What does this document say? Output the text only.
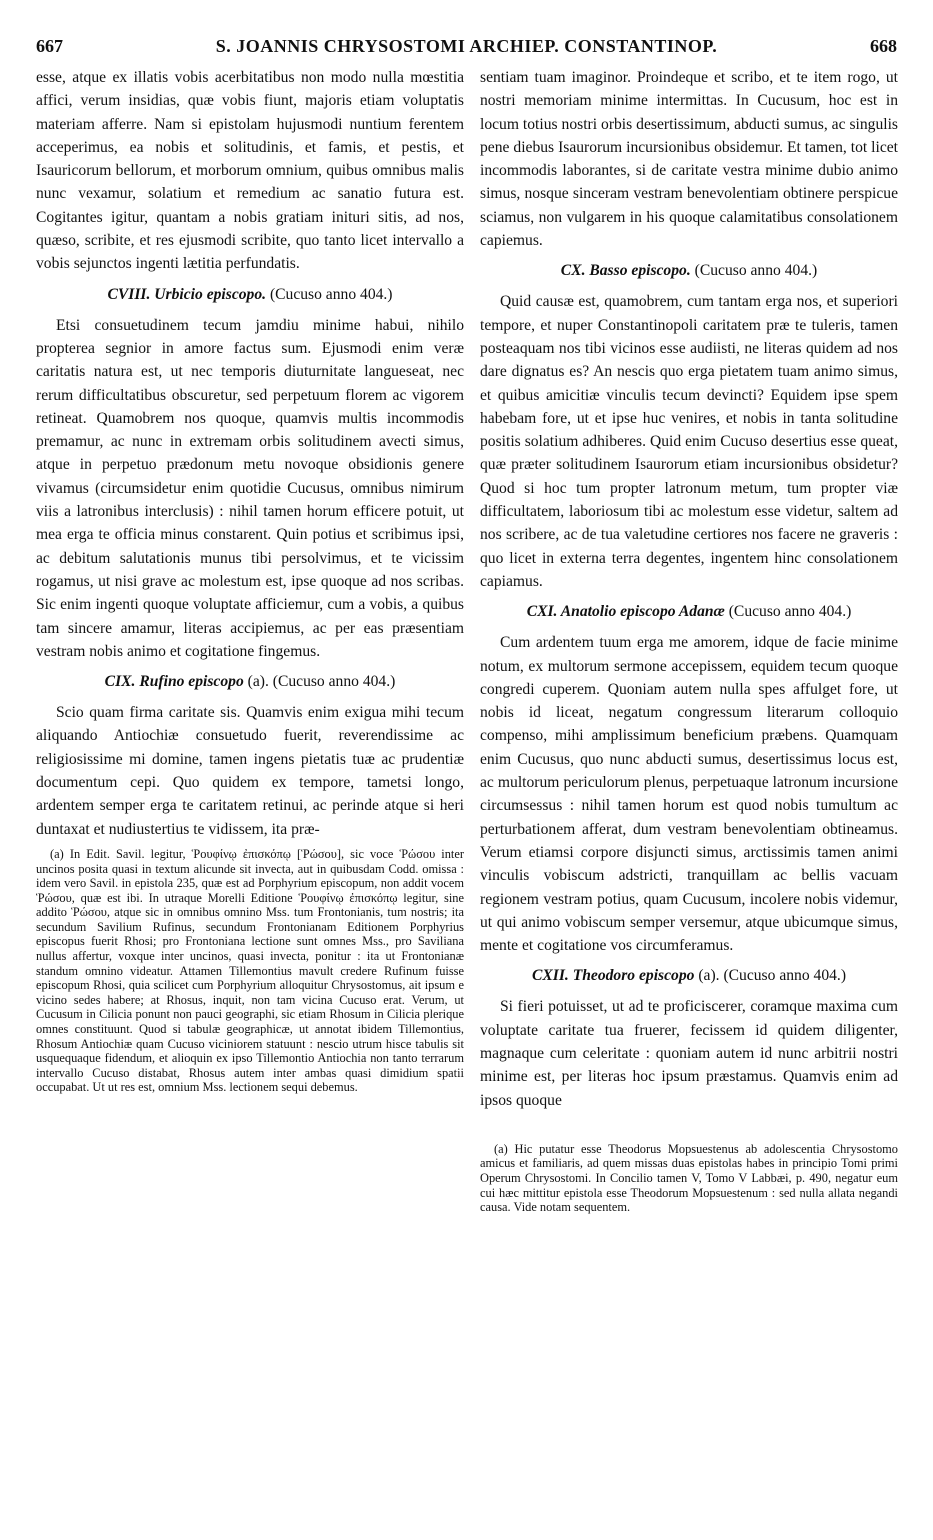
667	S. JOANNIS CHRYSOSTOMI ARCHIEP. CONSTANTINOP.	668

esse, atque ex illatis vobis acerbitatibus non modo nulla mœstitia affici, verum insidias, quæ vobis fiunt, majoris etiam voluptatis materiam afferre. Nam si epistolam hujusmodi nuntium ferentem acceperimus, ea nobis et solitudinis, et famis, et pestis, et Isauricorum bellorum, et morborum omnium, quibus omnibus malis nunc vexamur, solatium et remedium ac sanatio futura est. Cogitantes igitur, quantam a nobis gratiam inituri sitis, ad nos, quæso, scribite, et res ejusmodi scribite, quo tanto licet intervallo a vobis sejunctos ingenti lætitia perfundatis.

CVIII. Urbicio episcopo. (Cucuso anno 404.)

Etsi consuetudinem tecum jamdiu minime habui, nihilo propterea segnior in amore factus sum. Ejusmodi enim veræ caritatis natura est, ut nec temporis diuturnitate langueseat, nec rerum difficultatibus obscuretur, sed perpetuum florem ac vigorem retineat. Quamobrem nos quoque, quamvis multis incommodis premamur, ac nunc in extremam orbis solitudinem avecti simus, atque in perpetuo prædonum metu novoque obsidionis genere vivamus (circumsidetur enim quotidie Cucusus, omnibus nimirum viis a latronibus interclusis) : nihil tamen horum efficere potuit, ut mea erga te officia minus constarent. Quin potius et scribimus ipsi, ac debitum salutationis munus tibi persolvimus, et te vicissim rogamus, ut nisi grave ac molestum est, ipse quoque ad nos scribas. Sic enim ingenti quoque voluptate afficiemur, cum a vobis, a quibus tam sincere amamur, literas accipiemus, ac per eas præsentiam vestram nobis animo et cogitatione fingemus.

CIX. Rufino episcopo (a). (Cucuso anno 404.)

Scio quam firma caritate sis. Quamvis enim exigua mihi tecum aliquando Antiochiæ consuetudo fuerit, reverendissime ac religiosissime mi domine, tamen ingens pietatis tuæ ac prudentiæ documentum cepi. Quo quidem ex tempore, tametsi longo, ardentem semper erga te caritatem retinui, ac perinde atque si heri duntaxat et nudiustertius te vidissem, ita præ-

(a) In Edit. Savil. legitur, Ῥουφίνῳ ἐπισκόπῳ [Ῥώσου], sic voce Ῥώσου inter uncinos posita quasi in textum alicunde sit invecta, aut in quibusdam Codd. omissa : idem vero Savil. in epistola 235, quæ est ad Porphyrium episcopum, non addit vocem Ῥώσου, quæ est ibi. In utraque Morelli Editione Ῥουφίνῳ ἐπισκόπῳ legitur, sine addito Ῥώσου, atque sic in omnibus omnino Mss. tum Frontonianis, tum nostris; ita secundum Savilium Rufinus, secundum Frontonianam Editionem Porphyrius episcopus fuerit Rhosi; pro Frontoniana lectione sunt omnes Mss., pro Saviliana nullus affertur, voxque inter uncinos, quasi invecta, ponitur : ita ut Frontonianæ standum omnino videatur. Attamen Tillemontius mavult credere Rufinum fuisse episcopum Rhosi, quia scilicet cum Porphyrium alloquitur Chrysostomus, ait ipsum e vicino sedes habere; at Rhosus, inquit, non tam vicina Cucuso erat. Verum, ut Cucusum in Cilicia ponunt non pauci geographi, sic etiam Rhosum in Cilicia plerique omnes constituunt. Quod si tabulæ geographicæ, ut annotat ibidem Tillemontius, Rhosum Antiochiæ quam Cucuso viciniorem statuunt : nescio utrum hisce tabulis sit usquequaque fidendum, et alioquin ex ipso Tillemontio Antiochia non tanto terrarum intervallo Cucuso distabat, Rhosus autem inter ambas quasi dimidium spatii occupabat. Ut ut res est, omnium Mss. lectionem sequi debemus.

sentiam tuam imaginor. Proindeque et scribo, et te item rogo, ut nostri memoriam minime intermittas. In Cucusum, hoc est in locum totius nostri orbis desertissimum, abducti sumus, ac singulis pene diebus Isaurorum incursionibus obsidemur. Et tamen, tot licet incommodis laborantes, si de caritate vestra minime dubio animo simus, nosque sinceram vestram benevolentiam obtinere perspicue sciamus, non vulgarem in his quoque calamitatibus consolationem capiemus.

CX. Basso episcopo. (Cucuso anno 404.)

Quid causæ est, quamobrem, cum tantam erga nos, et superiori tempore, et nuper Constantinopoli caritatem præ te tuleris, tamen posteaquam nos tibi vicinos esse audiisti, ne literas quidem ad nos dare dignatus es? An nescis quo erga pietatem tuam animo simus, et quibus amicitiæ vinculis tecum devincti? Equidem ipse spem habebam fore, ut et ipse huc venires, et nobis in tanta solitudine positis solatium adhiberes. Quid enim Cucuso desertius esse queat, quæ præter solitudinem Isaurorum etiam incursionibus obsidetur? Quod si hoc tum propter latronum metum, tum propter viæ difficultatem, laboriosum tibi ac molestum esse videtur, saltem ad nos scribere, ac de tua valetudine certiores nos facere ne graveris : quo licet in externa terra degentes, ingentem hinc consolationem capiamus.

CXI. Anatolio episcopo Adanæ (Cucuso anno 404.)

Cum ardentem tuum erga me amorem, idque de facie minime notum, ex multorum sermone accepissem, equidem tecum quoque congredi cuperem. Quoniam autem nulla spes affulget fore, ut nobis id liceat, negatum congressum literarum colloquio compenso, mihi amplissimum beneficium præbens. Quamquam enim Cucusus, quo nunc abducti sumus, desertissimus locus est, ac multorum periculorum plenus, perpetuaque latronum incursione circumsessus : nihil tamen horum est quod nobis tumultum ac perturbationem afferat, dum vestram benevolentiam obtineamus. Verum etiamsi corpore disjuncti simus, arctissimis tamen animi vinculis vobiscum adstricti, tranquillam ac bellis vacuam regionem vestram potius, quam Cucusum, incolere nobis videmur, ut qui animo vobiscum semper versemur, atque ubicumque simus, mente et cogitatione vos circumferamus.

CXII. Theodoro episcopo (a). (Cucuso anno 404.)

Si fieri potuisset, ut ad te proficiscerer, coramque maxima cum voluptate caritate tua fruerer, fecissem id quidem diligenter, magnaque cum celeritate : quoniam autem id nunc arbitrii nostri minime est, per literas hoc ipsum præstamus. Quamvis enim ad ipsos quoque

(a) Hic putatur esse Theodorus Mopsuestenus ab adolescentia Chrysostomo amicus et familiaris, ad quem missas duas epistolas habes in principio Tomi primi Operum Chrysostomi. In Concilio tamen V, Tomo V Labbæi, p. 490, negatur eum cui hæc mittitur epistola esse Theodorum Mopsuestenum : sed nulla allata negandi causa. Vide notam sequentem.
